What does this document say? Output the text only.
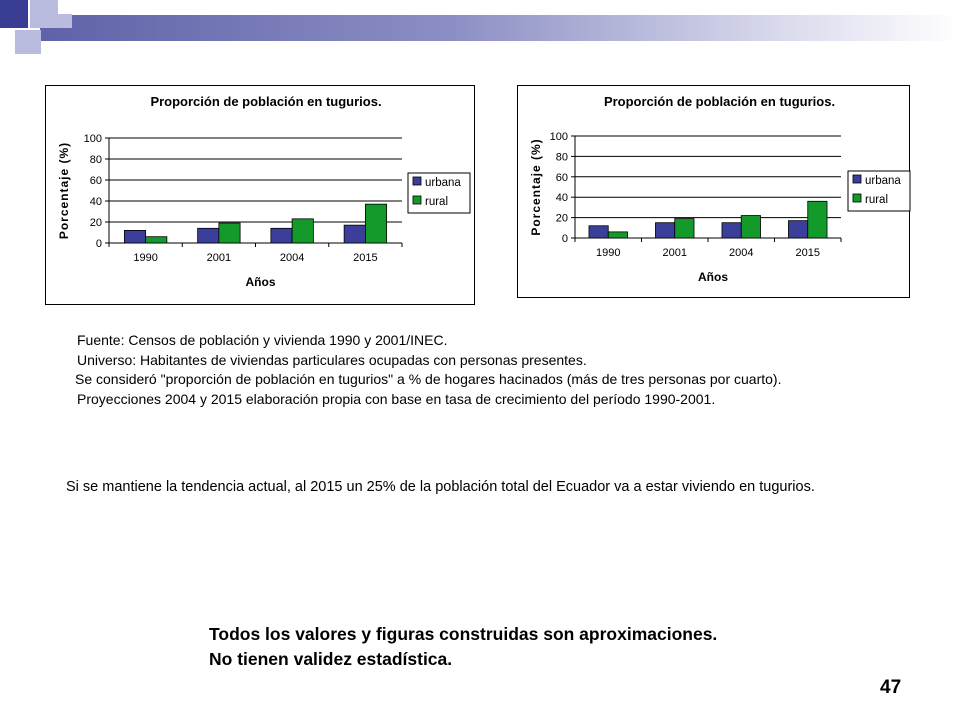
Proporción de población en tugurios.
0
20
40
60
80
100
1990	2001	2004	2015
Años
Porcentaje (%)	urbana
rural
Proporción de población en tugurios.
0
20
40
60
80
100
1990	2001	2004	2015
Años
Porcentaje (%)	urbana
rural
Fuente: Censos de población y vivienda 1990 y 2001/INEC.
Universo: Habitantes de viviendas particulares ocupadas con personas presentes.
Se consideró "proporción de población en tugurios" a % de hogares hacinados (más de tres personas por cuarto).
Proyecciones 2004 y 2015 elaboración propia con base en tasa de crecimiento del período 1990-2001.
Si se mantiene la tendencia actual, al 2015 un 25% de la población total del Ecuador va a estar viviendo en tugurios.
Todos los valores y figuras construidas son aproximaciones.
No tienen validez estadística.
47
